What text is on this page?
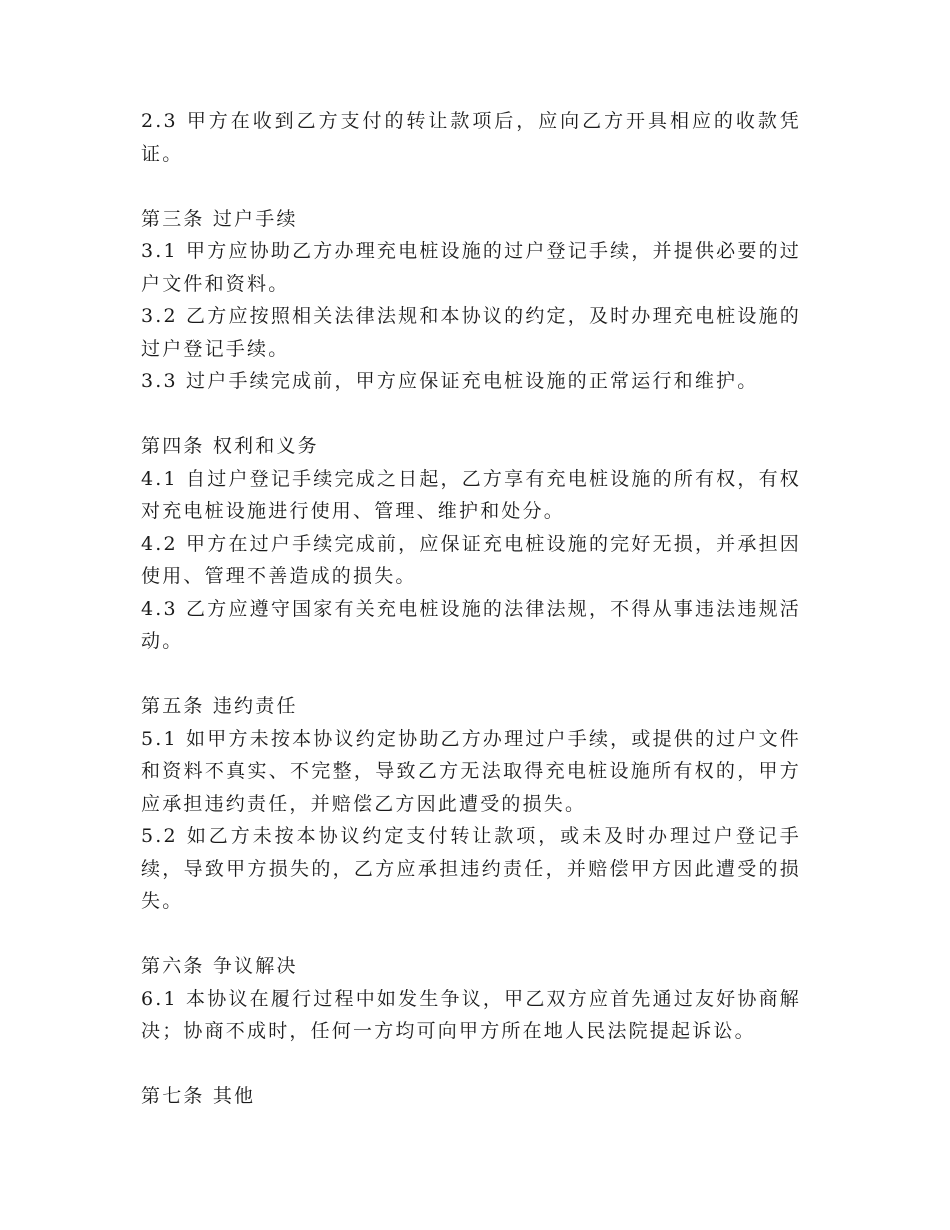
2.3 甲方在收到乙方支付的转让款项后，应向乙方开具相应的收款凭证。

第三条 过户手续

3.1 甲方应协助乙方办理充电桩设施的过户登记手续，并提供必要的过户文件和资料。

3.2 乙方应按照相关法律法规和本协议的约定，及时办理充电桩设施的过户登记手续。

3.3 过户手续完成前，甲方应保证充电桩设施的正常运行和维护。

第四条 权利和义务

4.1 自过户登记手续完成之日起，乙方享有充电桩设施的所有权，有权对充电桩设施进行使用、管理、维护和处分。

4.2 甲方在过户手续完成前，应保证充电桩设施的完好无损，并承担因使用、管理不善造成的损失。

4.3 乙方应遵守国家有关充电桩设施的法律法规，不得从事违法违规活动。

第五条 违约责任

5.1 如甲方未按本协议约定协助乙方办理过户手续，或提供的过户文件和资料不真实、不完整，导致乙方无法取得充电桩设施所有权的，甲方应承担违约责任，并赔偿乙方因此遭受的损失。

5.2 如乙方未按本协议约定支付转让款项，或未及时办理过户登记手续，导致甲方损失的，乙方应承担违约责任，并赔偿甲方因此遭受的损失。

第六条 争议解决

6.1 本协议在履行过程中如发生争议，甲乙双方应首先通过友好协商解决；协商不成时，任何一方均可向甲方所在地人民法院提起诉讼。

第七条 其他
